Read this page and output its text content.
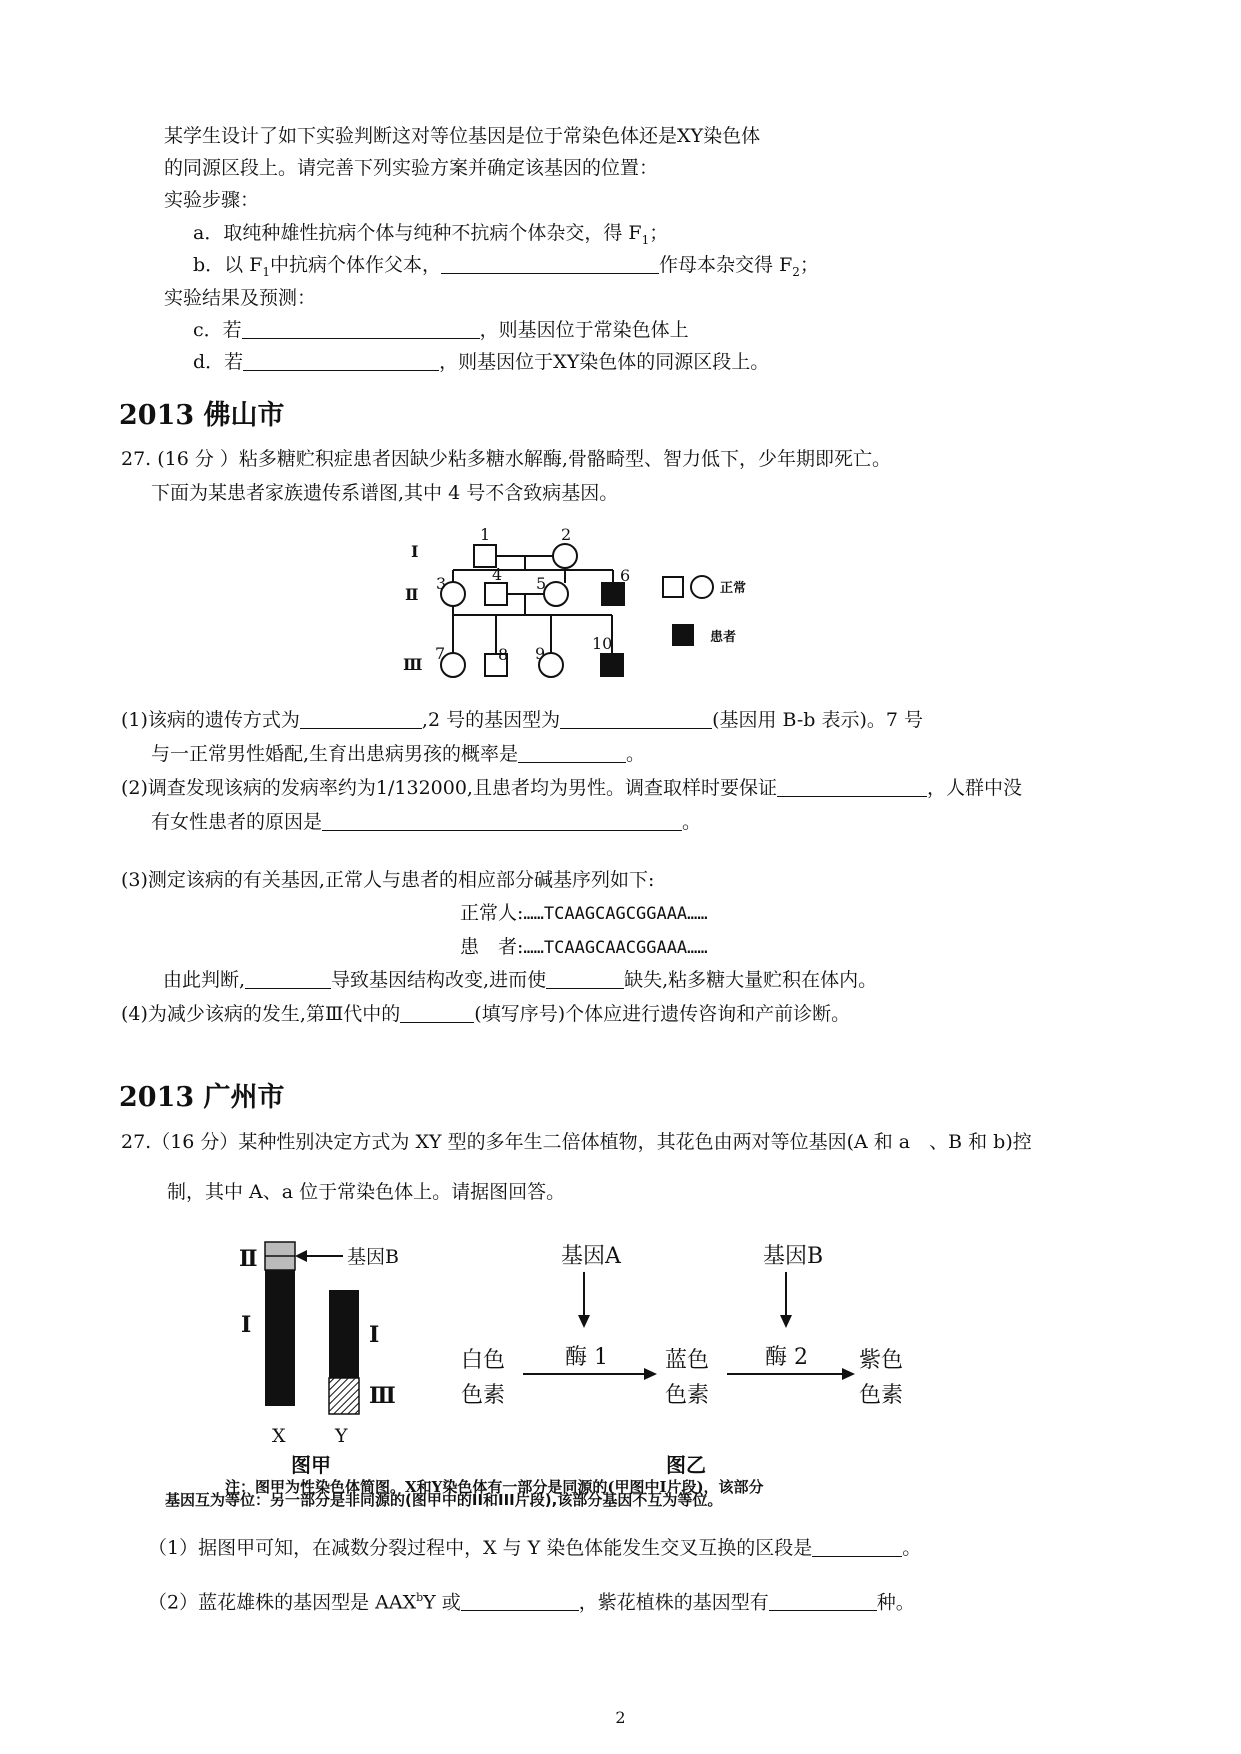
某学生设计了如下实验判断这对等位基因是位于常染色体还是XY染色体
的同源区段上。请完善下列实验方案并确定该基因的位置：
实验步骤：
a．取纯种雄性抗病个体与纯种不抗病个体杂交，得 $F_1$；
b．以 $F_1$中抗病个体作父本，	作母本杂交得 $F_2$；
实验结果及预测：
c．若	，则基因位于常染色体上
d．若	，则基因位于XY染色体的同源区段上。
2013 佛山市
27. (16 分 ）粘多糖贮积症患者因缺少粘多糖水解酶,骨骼畸型、智力低下，少年期即死亡。
下面为某患者家族遗传系谱图,其中 4 号不含致病基因。
Ⅰ
Ⅱ
Ⅲ
1	2
3	4 5	6
7	8 9
10
正常
患者
(1)该病的遗传方式为	,2 号的基因型为	(基因用 B-b 表示)。7 号
与一正常男性婚配,生育出患病男孩的概率是	。
(2)调查发现该病的发病率约为1/132000,且患者均为男性。调查取样时要保证	，人群中没
有女性患者的原因是	。
(3)测定该病的有关基因,正常人与患者的相应部分碱基序列如下:
正常人:……TCAAGCAGCGGAAA……
患　者:……TCAAGCAACGGAAA……
由此判断,	导致基因结构改变,进而使	缺失,粘多糖大量贮积在体内。
(4)为减少该病的发生,第Ⅲ代中的	(填写序号)个体应进行遗传咨询和产前诊断。
2013 广州市
27.（16 分）某种性别决定方式为 XY 型的多年生二倍体植物，其花色由两对等位基因(A 和 a　、B 和 b)控
制，其中 A、a 位于常染色体上。请据图回答。
Ⅱ
Ⅰ	Ⅰ
Ⅲ
基因B
X	Y
图甲
基因A	基因B
白色
色素
酶 1	蓝色
色素
酶 2 紫色
色素
图乙
注：图甲为性染色体简图。X和Y染色体有一部分是同源的(甲图中I片段)，该部分
基因互为等位：另一部分是非同源的(图甲中的II和III片段),该部分基因不互为等位。
（1）据图甲可知，在减数分裂过程中，X 与 Y 染色体能发生交叉互换的区段是	。
（2）蓝花雄株的基因型是 AAX$^b$Y 或	，紫花植株的基因型有	种。
2
